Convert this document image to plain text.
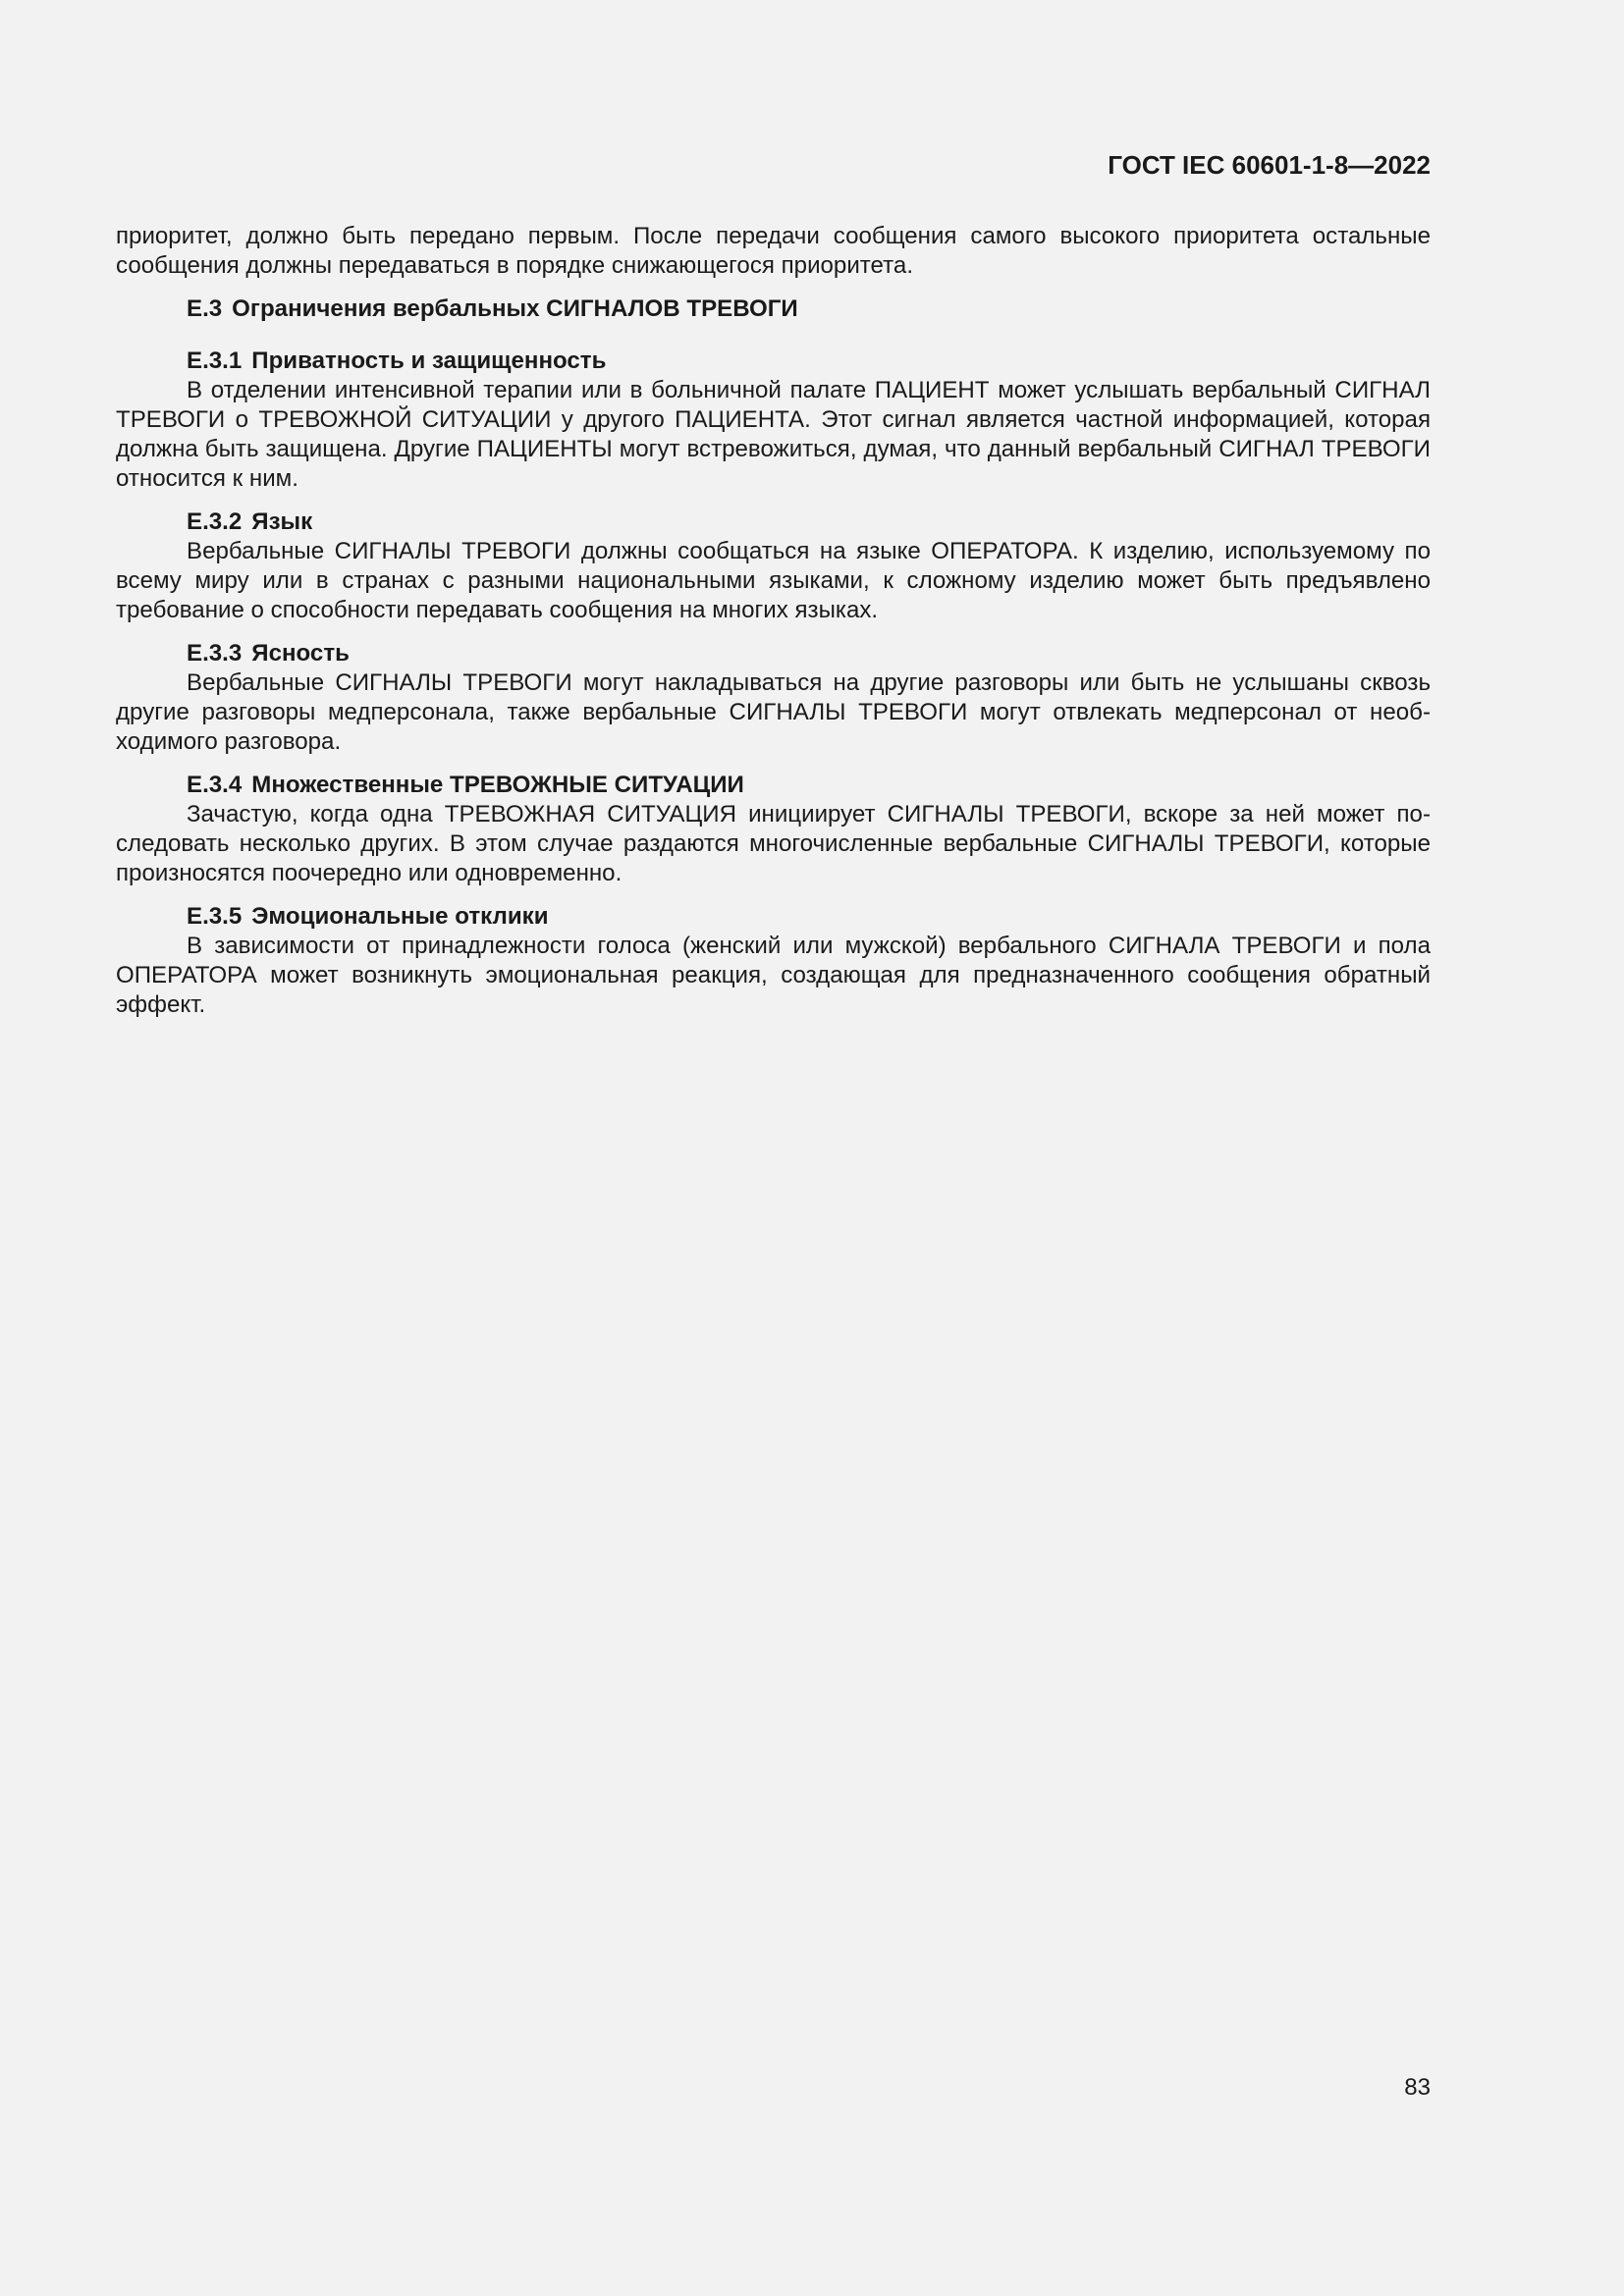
ГОСТ IEC 60601-1-8—2022

приоритет, должно быть передано первым. После передачи сообщения самого высокого приоритета остальные сообщения должны передаваться в порядке снижающегося приоритета.

Е.3 Ограничения вербальных СИГНАЛОВ ТРЕВОГИ
Е.3.1 Приватность и защищенность

В отделении интенсивной терапии или в больничной палате ПАЦИЕНТ может услышать вербальный СИГНАЛ ТРЕВОГИ о ТРЕВОЖНОЙ СИТУАЦИИ у другого ПАЦИЕНТА. Этот сигнал является частной информацией, которая должна быть защищена. Другие ПАЦИЕНТЫ могут встревожиться, думая, что данный вербальный СИГНАЛ ТРЕВОГИ относится к ним.

Е.3.2 Язык

Вербальные СИГНАЛЫ ТРЕВОГИ должны сообщаться на языке ОПЕРАТОРА. К изделию, используемому по всему миру или в странах с разными национальными языками, к сложному изделию может быть предъявлено требование о способности передавать сообщения на многих языках.

Е.3.3 Ясность

Вербальные СИГНАЛЫ ТРЕВОГИ могут накладываться на другие разговоры или быть не услышаны сквозь другие разговоры медперсонала, также вербальные СИГНАЛЫ ТРЕВОГИ могут отвлекать медперсонал от необходимого разговора.

Е.3.4 Множественные ТРЕВОЖНЫЕ СИТУАЦИИ

Зачастую, когда одна ТРЕВОЖНАЯ СИТУАЦИЯ инициирует СИГНАЛЫ ТРЕВОГИ, вскоре за ней может последовать несколько других. В этом случае раздаются многочисленные вербальные СИГНАЛЫ ТРЕВОГИ, которые произносятся поочередно или одновременно.

Е.3.5 Эмоциональные отклики

В зависимости от принадлежности голоса (женский или мужской) вербального СИГНАЛА ТРЕВОГИ и пола ОПЕРАТОРА может возникнуть эмоциональная реакция, создающая для предназначенного сообщения обратный эффект.

83
